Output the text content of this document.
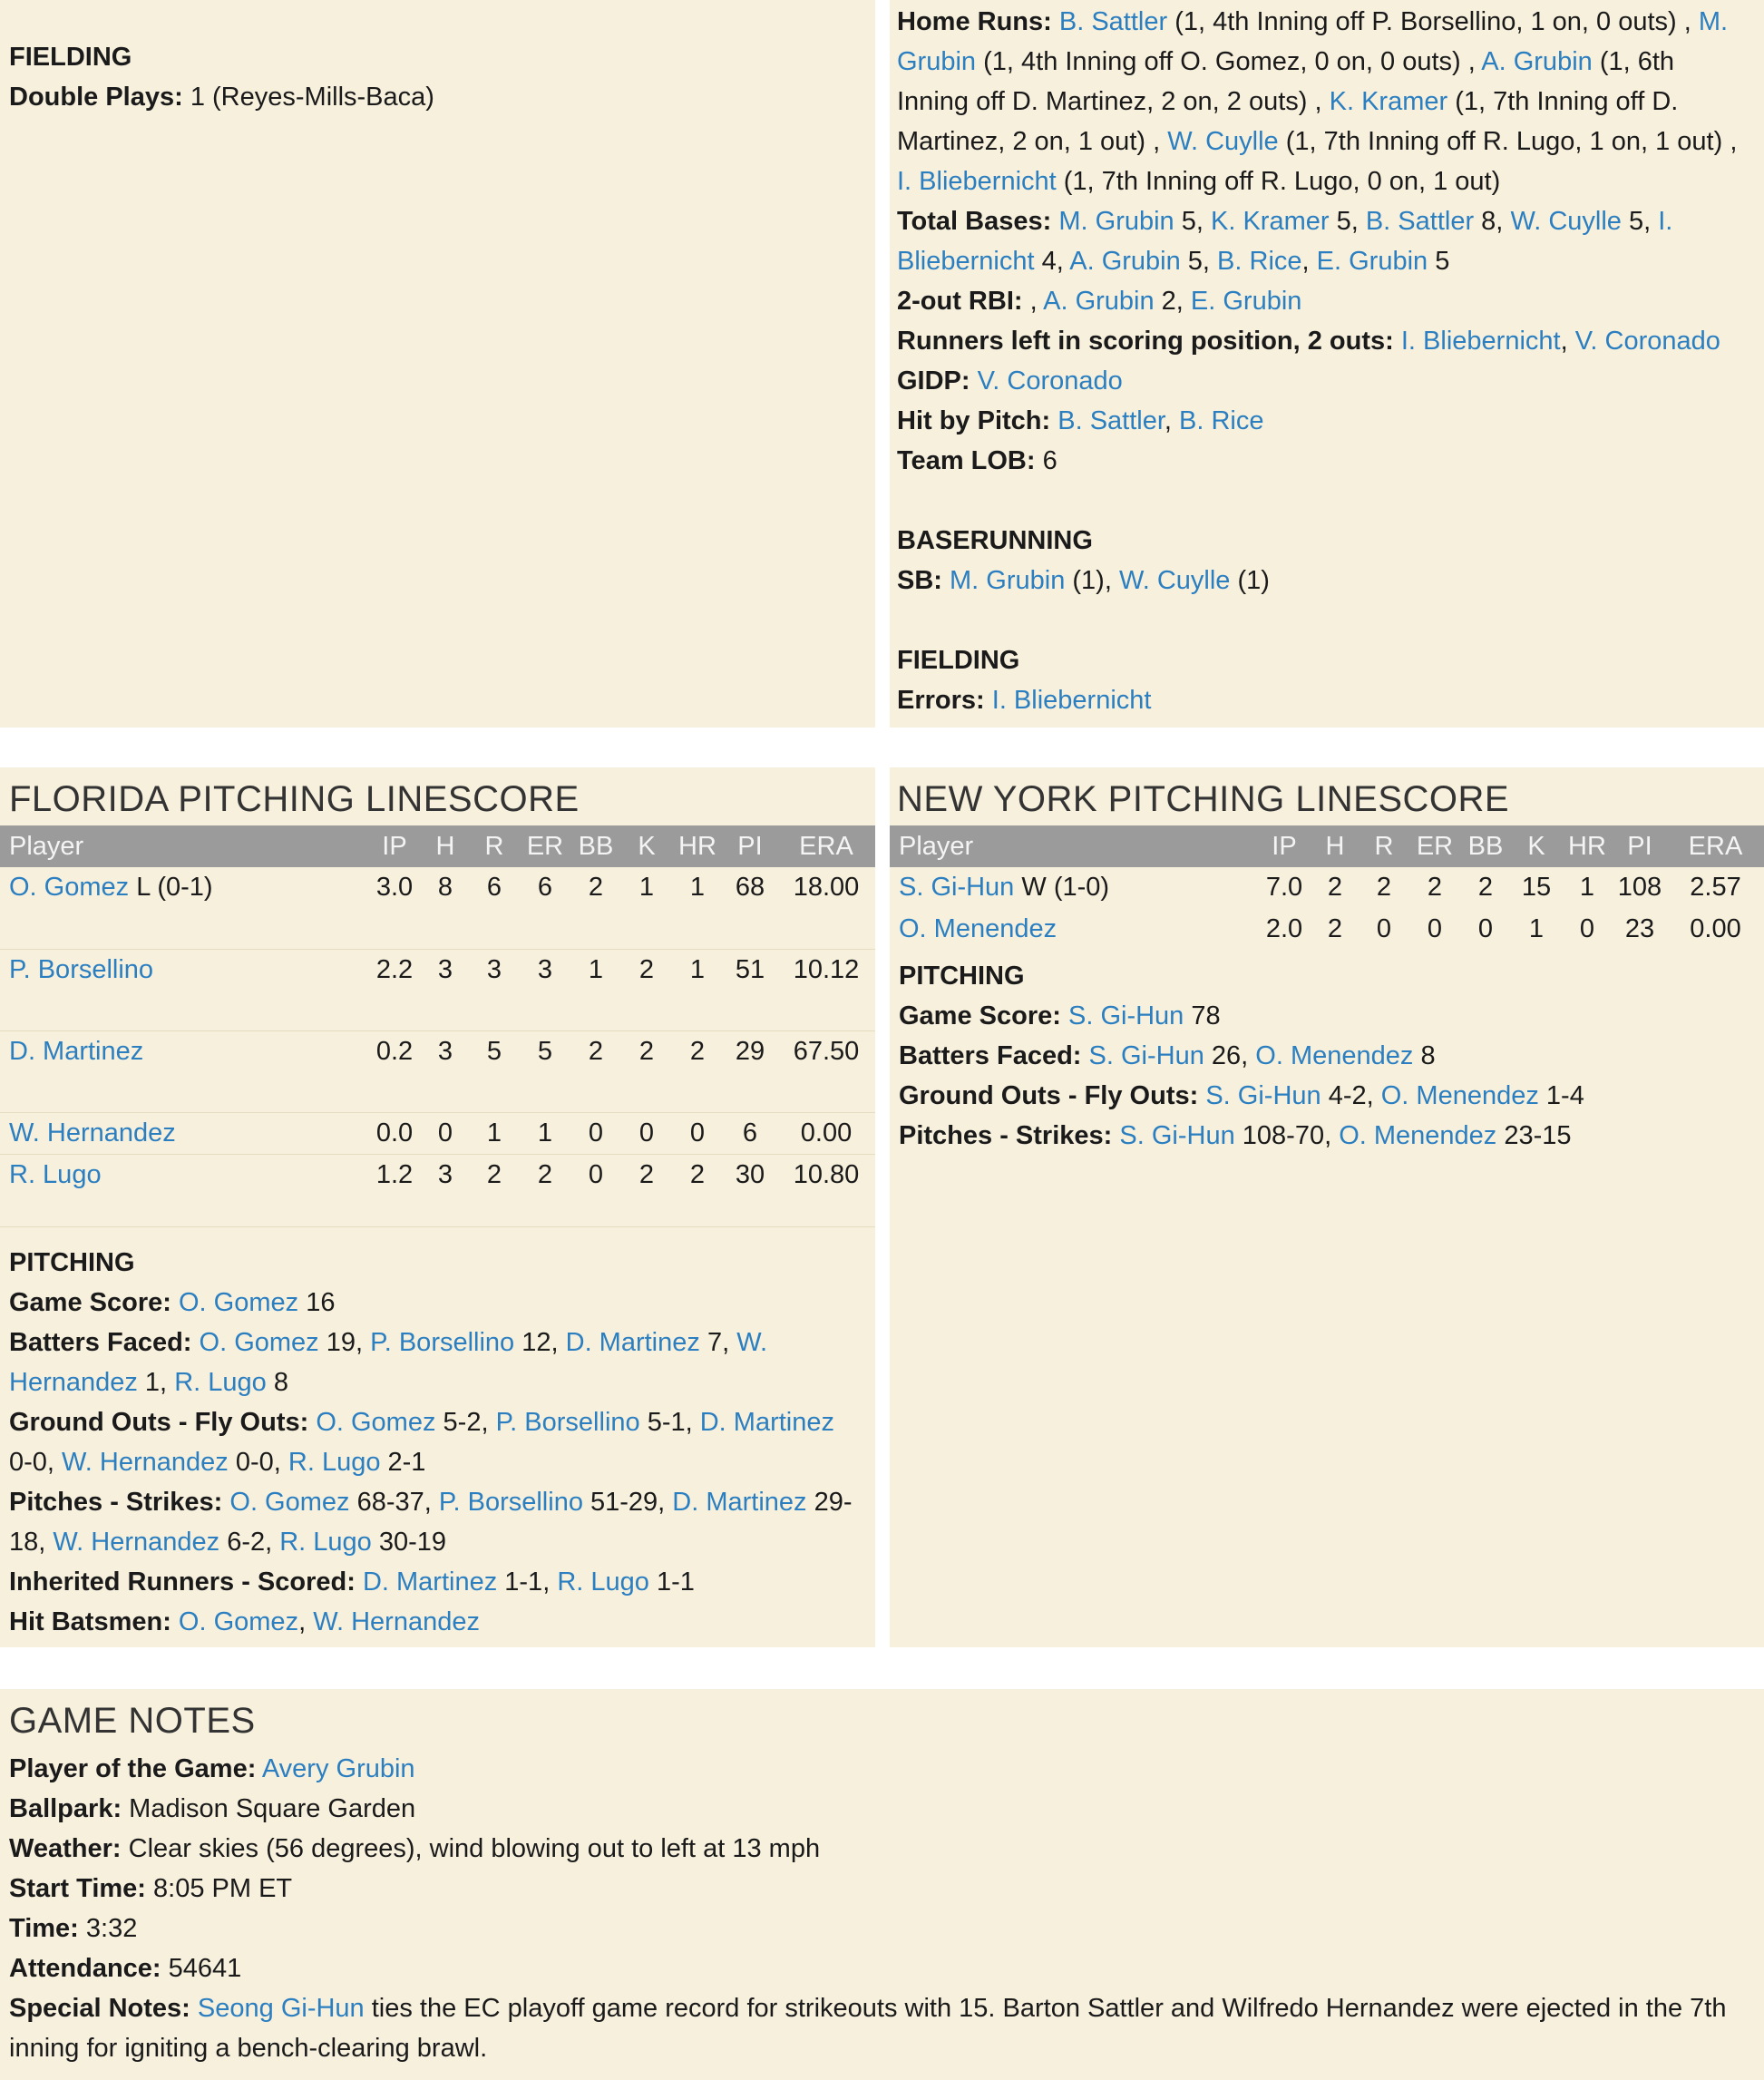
FIELDING
Double Plays: 1 (Reyes-Mills-Baca)
Home Runs: B. Sattler (1, 4th Inning off P. Borsellino, 1 on, 0 outs) , M. Grubin (1, 4th Inning off O. Gomez, 0 on, 0 outs) , A. Grubin (1, 6th Inning off D. Martinez, 2 on, 2 outs) , K. Kramer (1, 7th Inning off D. Martinez, 2 on, 1 out) , W. Cuylle (1, 7th Inning off R. Lugo, 1 on, 1 out) , I. Bliebernicht (1, 7th Inning off R. Lugo, 0 on, 1 out)
Total Bases: M. Grubin 5, K. Kramer 5, B. Sattler 8, W. Cuylle 5, I. Bliebernicht 4, A. Grubin 5, B. Rice, E. Grubin 5
2-out RBI: , A. Grubin 2, E. Grubin
Runners left in scoring position, 2 outs: I. Bliebernicht, V. Coronado
GIDP: V. Coronado
Hit by Pitch: B. Sattler, B. Rice
Team LOB: 6
BASERUNNING
SB: M. Grubin (1), W. Cuylle (1)
FIELDING
Errors: I. Bliebernicht
FLORIDA PITCHING LINESCORE
Player	IP	H	R	ER	BB	K	HR	PI	ERA
O. Gomez L (0-1)	3.0	8	6	6	2	1	1	68	18.00
P. Borsellino	2.2	3	3	3	1	2	1	51	10.12
D. Martinez	0.2	3	5	5	2	2	2	29	67.50
W. Hernandez	0.0	0	1	1	0	0	0	6	0.00
R. Lugo	1.2	3	2	2	0	2	2	30	10.80
PITCHING
Game Score: O. Gomez 16
Batters Faced: O. Gomez 19, P. Borsellino 12, D. Martinez 7, W. Hernandez 1, R. Lugo 8
Ground Outs - Fly Outs: O. Gomez 5-2, P. Borsellino 5-1, D. Martinez 0-0, W. Hernandez 0-0, R. Lugo 2-1
Pitches - Strikes: O. Gomez 68-37, P. Borsellino 51-29, D. Martinez 29-18, W. Hernandez 6-2, R. Lugo 30-19
Inherited Runners - Scored: D. Martinez 1-1, R. Lugo 1-1
Hit Batsmen: O. Gomez, W. Hernandez
NEW YORK PITCHING LINESCORE
Player	IP	H	R	ER	BB	K	HR	PI	ERA
S. Gi-Hun W (1-0)	7.0	2	2	2	2	15	1	108	2.57
O. Menendez	2.0	2	0	0	0	1	0	23	0.00
PITCHING
Game Score: S. Gi-Hun 78
Batters Faced: S. Gi-Hun 26, O. Menendez 8
Ground Outs - Fly Outs: S. Gi-Hun 4-2, O. Menendez 1-4
Pitches - Strikes: S. Gi-Hun 108-70, O. Menendez 23-15
GAME NOTES
Player of the Game: Avery Grubin
Ballpark: Madison Square Garden
Weather: Clear skies (56 degrees), wind blowing out to left at 13 mph
Start Time: 8:05 PM ET
Time: 3:32
Attendance: 54641
Special Notes: Seong Gi-Hun ties the EC playoff game record for strikeouts with 15. Barton Sattler and Wilfredo Hernandez were ejected in the 7th inning for igniting a bench-clearing brawl.
